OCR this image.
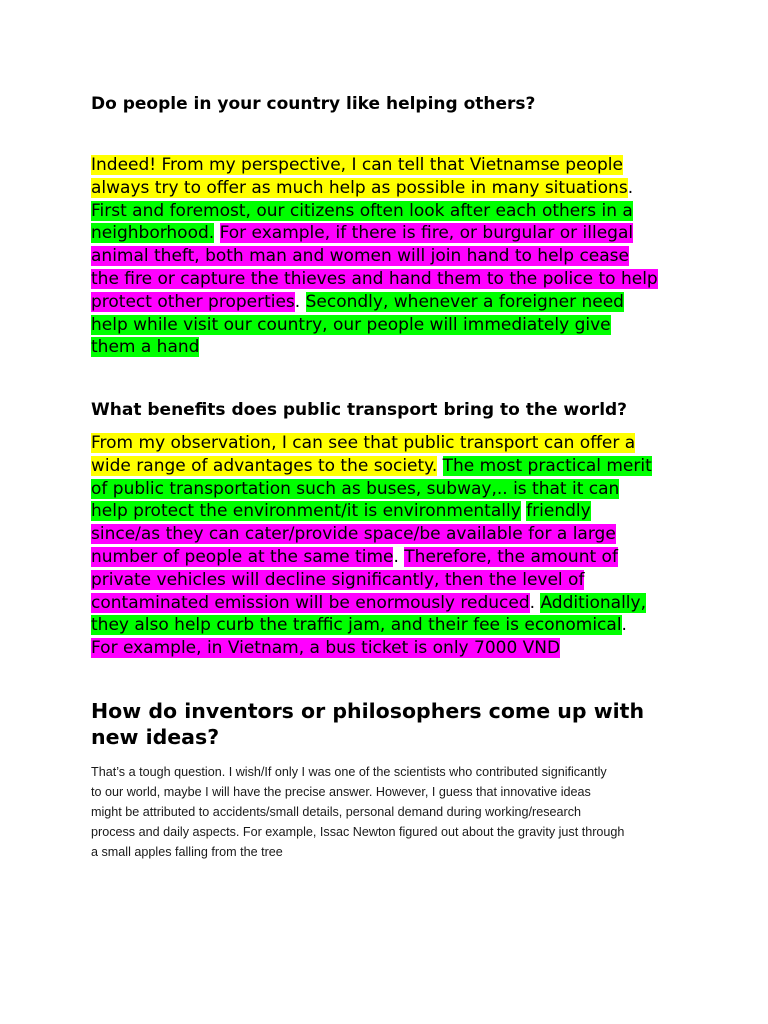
Do people in your country like helping others?
Indeed! From my perspective, I can tell that Vietnamse people
always try to offer as much help as possible in many situations.
First and foremost, our citizens often look after each others in a
neighborhood. For example, if there is fire, or burgular or illegal
animal theft, both man and women will join hand to help cease
the fire or capture the thieves and hand them to the police to help
protect other properties. Secondly, whenever a foreigner need
help while visit our country, our people will immediately give
them a hand
What benefits does public transport bring to the world?
From my observation, I can see that public transport can offer a
wide range of advantages to the society. The most practical merit
of public transportation such as buses, subway,.. is that it can
help protect the environment/it is environmentally friendly
since/as they can cater/provide space/be available for a large
number of people at the same time. Therefore, the amount of
private vehicles will decline significantly, then the level of
contaminated emission will be enormously reduced. Additionally,
they also help curb the traffic jam, and their fee is economical.
For example, in Vietnam, a bus ticket is only 7000 VND
How do inventors or philosophers come up with
new ideas?
That’s a tough question. I wish/If only I was one of the scientists who contributed significantly
to our world, maybe I will have the precise answer. However, I guess that innovative ideas
might be attributed to accidents/small details, personal demand during working/research
process and daily aspects. For example, Issac Newton figured out about the gravity just through
a small apples falling from the tree
